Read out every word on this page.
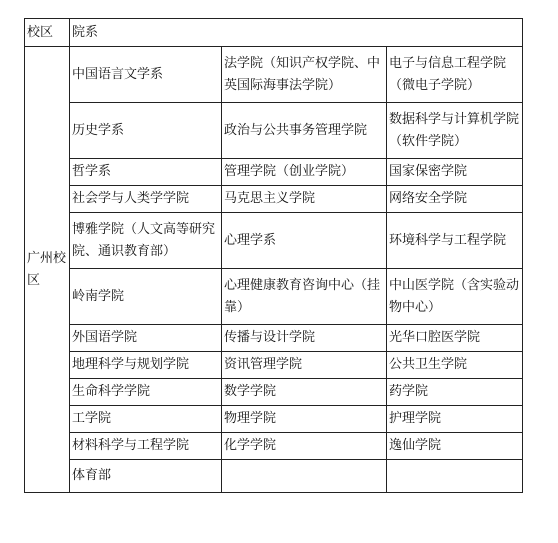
校区	院系		
广州校区	中国语言文学系	法学院（知识产权学院、中英国际海事法学院）	电子与信息工程学院（微电子学院）
	历史学系	政治与公共事务管理学院	数据科学与计算机学院（软件学院）
	哲学系	管理学院（创业学院）	国家保密学院
	社会学与人类学学院	马克思主义学院	网络安全学院
	博雅学院（人文高等研究院、通识教育部）	心理学系	环境科学与工程学院
	岭南学院	心理健康教育咨询中心（挂靠）	中山医学院（含实验动物中心）
	外国语学院	传播与设计学院	光华口腔医学院
	地理科学与规划学院	资讯管理学院	公共卫生学院
	生命科学学院	数学学院	药学院
	工学院	物理学院	护理学院
	材料科学与工程学院	化学学院	逸仙学院
	体育部		
